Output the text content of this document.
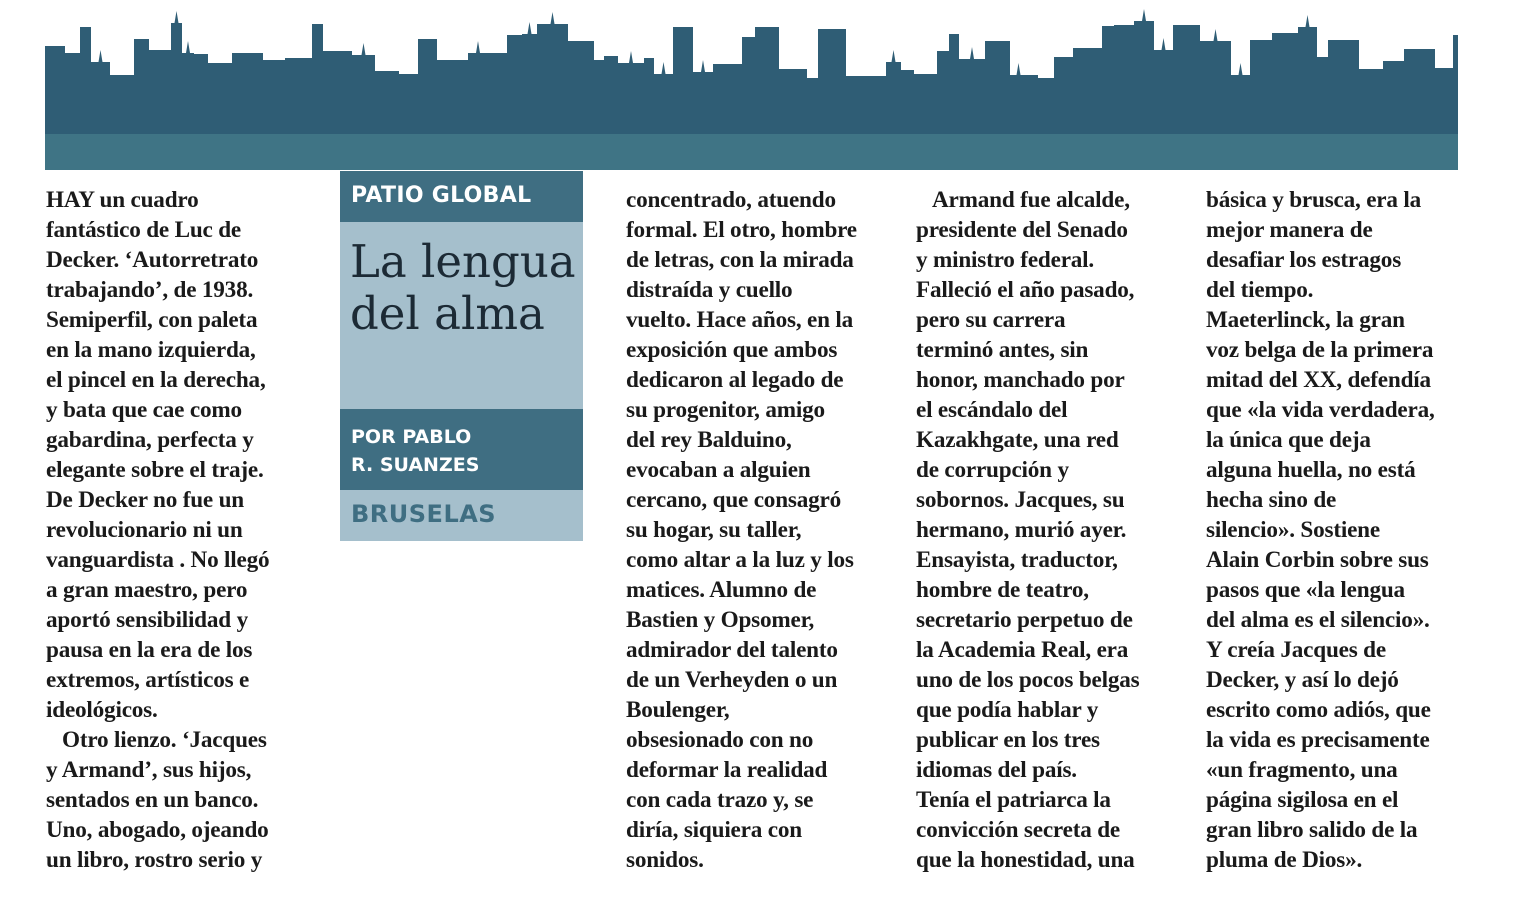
PATIO GLOBAL
La lengua
del alma
POR PABLO
R. SUANZES
BRUSELAS

HAY un cuadro
fantástico de Luc de
Decker. ‘Autorretrato
trabajando’, de 1938.
Semiperfil, con paleta
en la mano izquierda,
el pincel en la derecha,
y bata que cae como
gabardina, perfecta y
elegante sobre el traje.
De Decker no fue un
revolucionario ni un
vanguardista . No llegó
a gran maestro, pero
aportó sensibilidad y
pausa en la era de los
extremos, artísticos e
ideológicos.

Otro lienzo. ‘Jacques
y Armand’, sus hijos,
sentados en un banco.
Uno, abogado, ojeando
un libro, rostro serio y

concentrado, atuendo
formal. El otro, hombre
de letras, con la mirada
distraída y cuello
vuelto. Hace años, en la
exposición que ambos
dedicaron al legado de
su progenitor, amigo
del rey Balduino,
evocaban a alguien
cercano, que consagró
su hogar, su taller,
como altar a la luz y los
matices. Alumno de
Bastien y Opsomer,
admirador del talento
de un Verheyden o un
Boulenger,
obsesionado con no
deformar la realidad
con cada trazo y, se
diría, siquiera con
sonidos.

Armand fue alcalde,
presidente del Senado
y ministro federal.
Falleció el año pasado,
pero su carrera
terminó antes, sin
honor, manchado por
el escándalo del
Kazakhgate, una red
de corrupción y
sobornos. Jacques, su
hermano, murió ayer.
Ensayista, traductor,
hombre de teatro,
secretario perpetuo de
la Academia Real, era
uno de los pocos belgas
que podía hablar y
publicar en los tres
idiomas del país.
Tenía el patriarca la
convicción secreta de
que la honestidad, una

básica y brusca, era la
mejor manera de
desafiar los estragos
del tiempo.
Maeterlinck, la gran
voz belga de la primera
mitad del XX, defendía
que «la vida verdadera,
la única que deja
alguna huella, no está
hecha sino de
silencio». Sostiene
Alain Corbin sobre sus
pasos que «la lengua
del alma es el silencio».
Y creía Jacques de
Decker, y así lo dejó
escrito como adiós, que
la vida es precisamente
«un fragmento, una
página sigilosa en el
gran libro salido de la
pluma de Dios».
